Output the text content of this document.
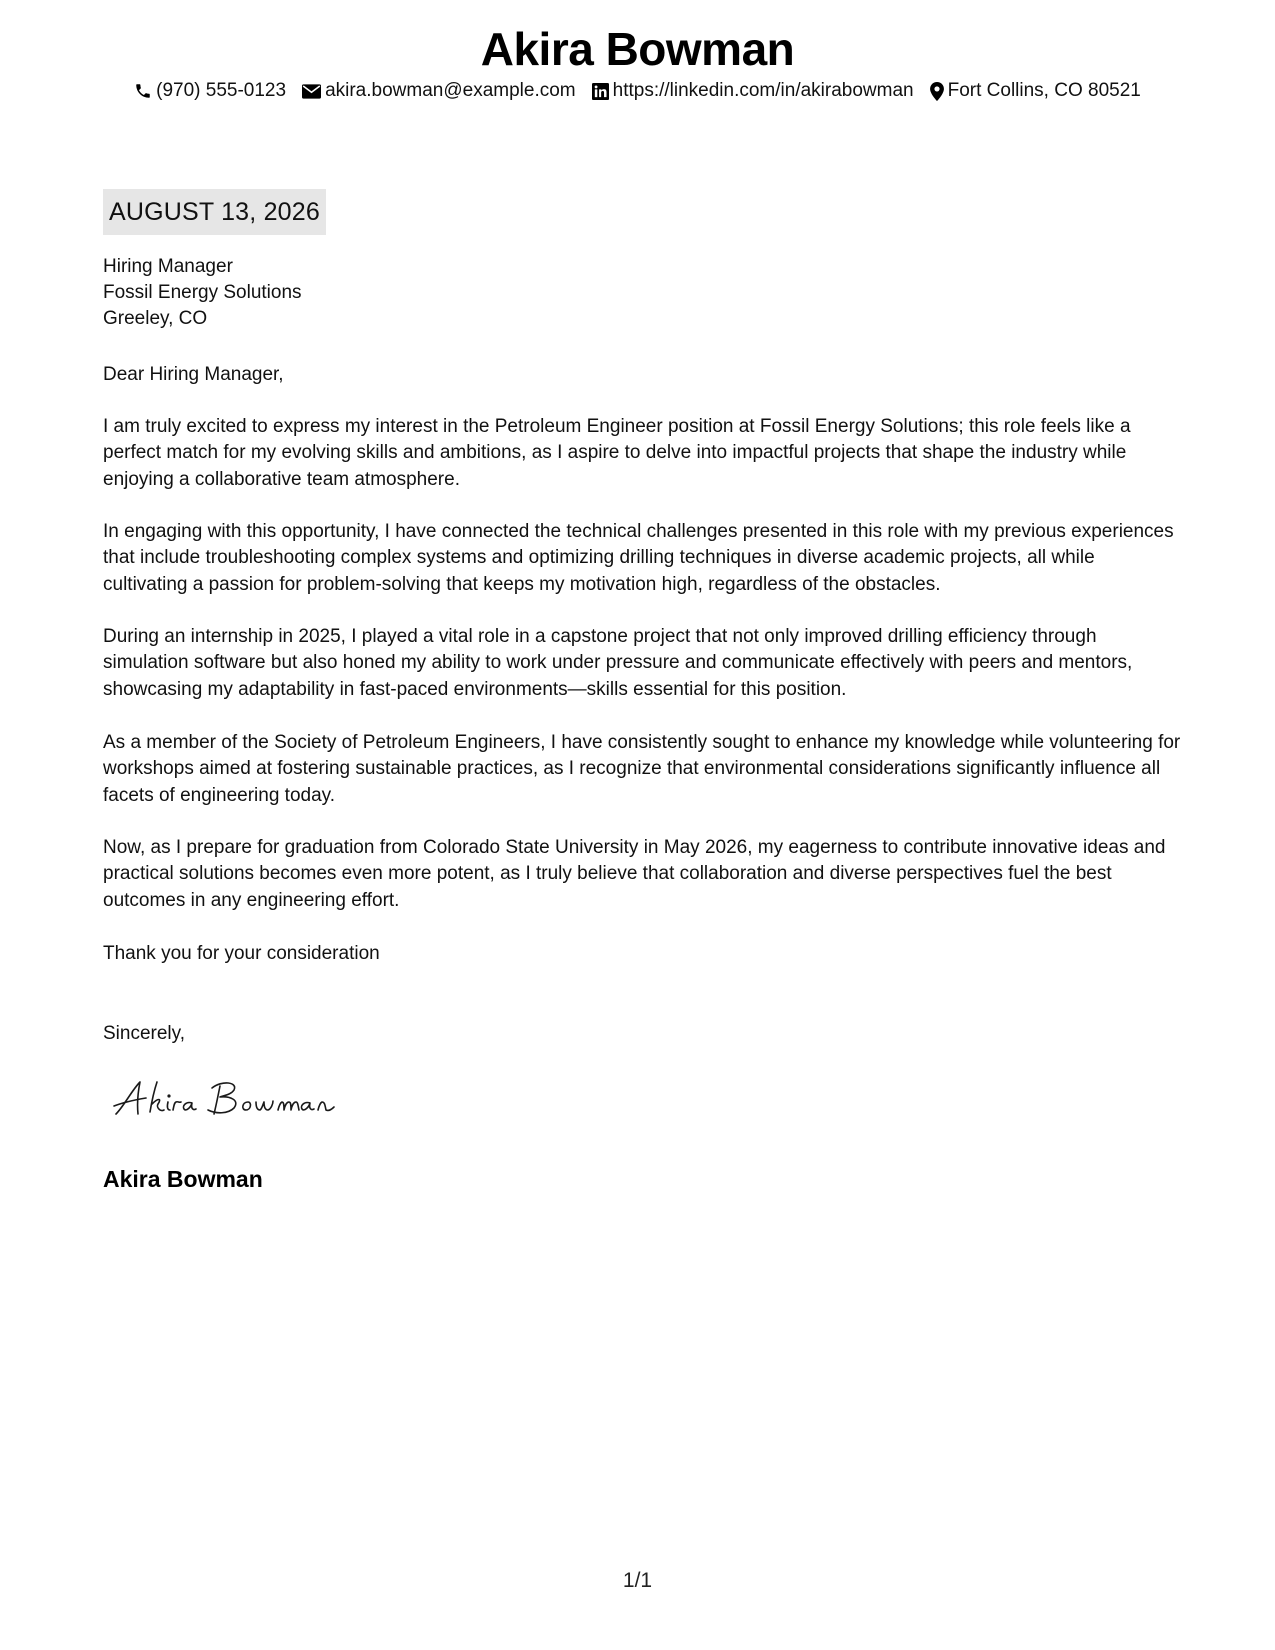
Akira Bowman
(970) 555-0123 akira.bowman@example.com https://linkedin.com/in/akirabowman Fort Collins, CO 80521
AUGUST 13, 2026
Hiring Manager
Fossil Energy Solutions
Greeley, CO
Dear Hiring Manager,

I am truly excited to express my interest in the Petroleum Engineer position at Fossil Energy Solutions; this role feels like a perfect match for my evolving skills and ambitions, as I aspire to delve into impactful projects that shape the industry while enjoying a collaborative team atmosphere.

In engaging with this opportunity, I have connected the technical challenges presented in this role with my previous experiences that include troubleshooting complex systems and optimizing drilling techniques in diverse academic projects, all while cultivating a passion for problem-solving that keeps my motivation high, regardless of the obstacles.

During an internship in 2025, I played a vital role in a capstone project that not only improved drilling efficiency through simulation software but also honed my ability to work under pressure and communicate effectively with peers and mentors, showcasing my adaptability in fast-paced environments—skills essential for this position.

As a member of the Society of Petroleum Engineers, I have consistently sought to enhance my knowledge while volunteering for workshops aimed at fostering sustainable practices, as I recognize that environmental considerations significantly influence all facets of engineering today.

Now, as I prepare for graduation from Colorado State University in May 2026, my eagerness to contribute innovative ideas and practical solutions becomes even more potent, as I truly believe that collaboration and diverse perspectives fuel the best outcomes in any engineering effort.

Thank you for your consideration
Sincerely,
Akira Bowman
1/1
